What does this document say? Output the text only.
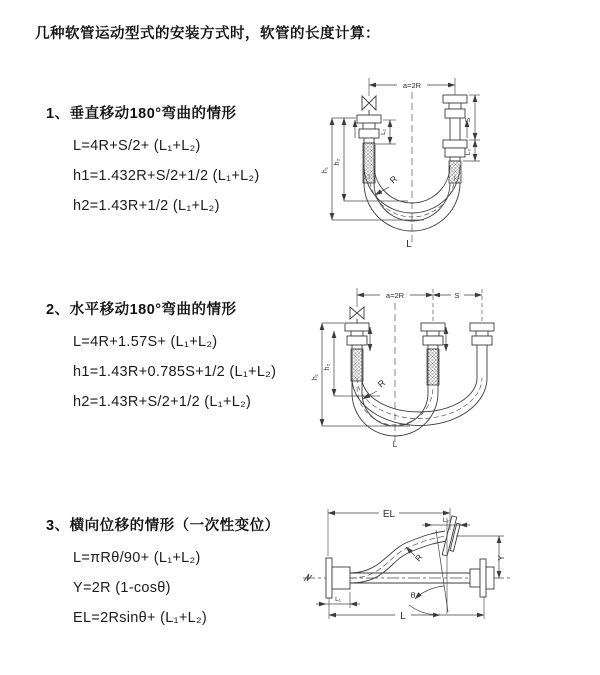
几种软管运动型式的安装方式时，软管的长度计算：
1、垂直移动180°弯曲的情形

L=4R+S/2+ (L₁+L₂)

h1=1.432R+S/2+1/2 (L₁+L₂)

h2=1.43R+1/2 (L₁+L₂)

a=2R
S
L₂
L₁
h₁
h₂
R
L
2、水平移动180°弯曲的情形

L=4R+1.57S+ (L₁+L₂)

h1=1.43R+0.785S+1/2 (L₁+L₂)

h2=1.43R+S/2+1/2 (L₁+L₂)

a=2R	S
h₁
h₂
R
L
3、横向位移的情形（一次性变位）

L=πRθ/90+ (L₁+L₂)

Y=2R (1-cosθ)

EL=2Rsinθ+ (L₁+L₂)

EL
L₂
θ
R	Y
L
L₁
